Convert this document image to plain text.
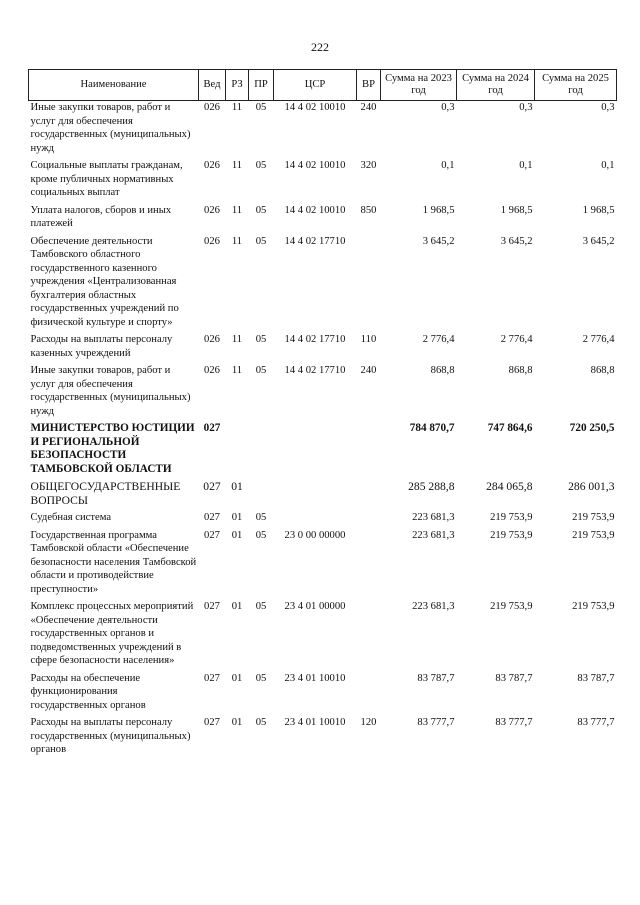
222
Наименование	Вед	РЗ	ПР	ЦСР	ВР	Сумма на 2023 год	Сумма на 2024 год	Сумма на 2025 год
Иные закупки товаров, работ и услуг для обеспечения государственных (муниципальных) нужд	026	11	05	14 4 02 10010	240	0,3	0,3	0,3
Социальные выплаты гражданам, кроме публичных нормативных социальных выплат	026	11	05	14 4 02 10010	320	0,1	0,1	0,1
Уплата налогов, сборов и иных платежей	026	11	05	14 4 02 10010	850	1 968,5	1 968,5	1 968,5
Обеспечение деятельности Тамбовского областного государственного казенного учреждения «Централизованная бухгалтерия областных государственных учреждений по физической культуре и спорту»	026	11	05	14 4 02 17710		3 645,2	3 645,2	3 645,2
Расходы на выплаты персоналу казенных учреждений	026	11	05	14 4 02 17710	110	2 776,4	2 776,4	2 776,4
Иные закупки товаров, работ и услуг для обеспечения государственных (муниципальных) нужд	026	11	05	14 4 02 17710	240	868,8	868,8	868,8
МИНИСТЕРСТВО ЮСТИЦИИ И РЕГИОНАЛЬНОЙ БЕЗОПАСНОСТИ ТАМБОВСКОЙ ОБЛАСТИ	027					784 870,7	747 864,6	720 250,5
ОБЩЕГОСУДАРСТВЕННЫЕ ВОПРОСЫ	027	01				285 288,8	284 065,8	286 001,3
Судебная система	027	01	05			223 681,3	219 753,9	219 753,9
Государственная программа Тамбовской области «Обеспечение безопасности населения Тамбовской области и противодействие преступности»	027	01	05	23 0 00 00000		223 681,3	219 753,9	219 753,9
Комплекс процессных мероприятий «Обеспечение деятельности государственных органов и подведомственных учреждений в сфере безопасности населения»	027	01	05	23 4 01 00000		223 681,3	219 753,9	219 753,9
Расходы на обеспечение функционирования государственных органов	027	01	05	23 4 01 10010		83 787,7	83 787,7	83 787,7
Расходы на выплаты персоналу государственных (муниципальных) органов	027	01	05	23 4 01 10010	120	83 777,7	83 777,7	83 777,7
